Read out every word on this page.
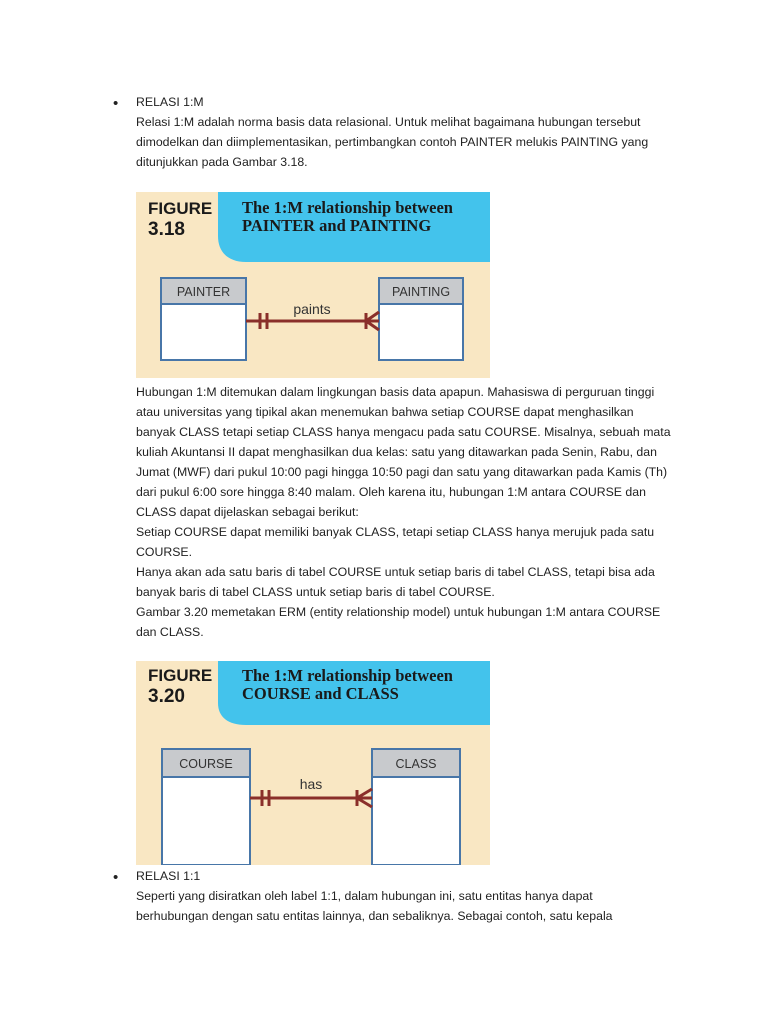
• RELASI 1:M

Relasi 1:M adalah norma basis data relasional. Untuk melihat bagaimana hubungan tersebut

dimodelkan dan diimplementasikan, pertimbangkan contoh PAINTER melukis PAINTING yang

ditunjukkan pada Gambar 3.18.

FIGURE
3.18
The 1:M relationship between
PAINTER and PAINTING
PAINTER	PAINTING
paints

Hubungan 1:M ditemukan dalam lingkungan basis data apapun. Mahasiswa di perguruan tinggi

atau universitas yang tipikal akan menemukan bahwa setiap COURSE dapat menghasilkan

banyak CLASS tetapi setiap CLASS hanya mengacu pada satu COURSE. Misalnya, sebuah mata

kuliah Akuntansi II dapat menghasilkan dua kelas: satu yang ditawarkan pada Senin, Rabu, dan

Jumat (MWF) dari pukul 10:00 pagi hingga 10:50 pagi dan satu yang ditawarkan pada Kamis (Th)

dari pukul 6:00 sore hingga 8:40 malam. Oleh karena itu, hubungan 1:M antara COURSE dan

CLASS dapat dijelaskan sebagai berikut:

Setiap COURSE dapat memiliki banyak CLASS, tetapi setiap CLASS hanya merujuk pada satu

COURSE.

Hanya akan ada satu baris di tabel COURSE untuk setiap baris di tabel CLASS, tetapi bisa ada

banyak baris di tabel CLASS untuk setiap baris di tabel COURSE.

Gambar 3.20 memetakan ERM (entity relationship model) untuk hubungan 1:M antara COURSE

dan CLASS.

FIGURE
3.20
The 1:M relationship between
COURSE and CLASS
COURSE	CLASS
has
• RELASI 1:1

Seperti yang disiratkan oleh label 1:1, dalam hubungan ini, satu entitas hanya dapat

berhubungan dengan satu entitas lainnya, dan sebaliknya. Sebagai contoh, satu kepala
